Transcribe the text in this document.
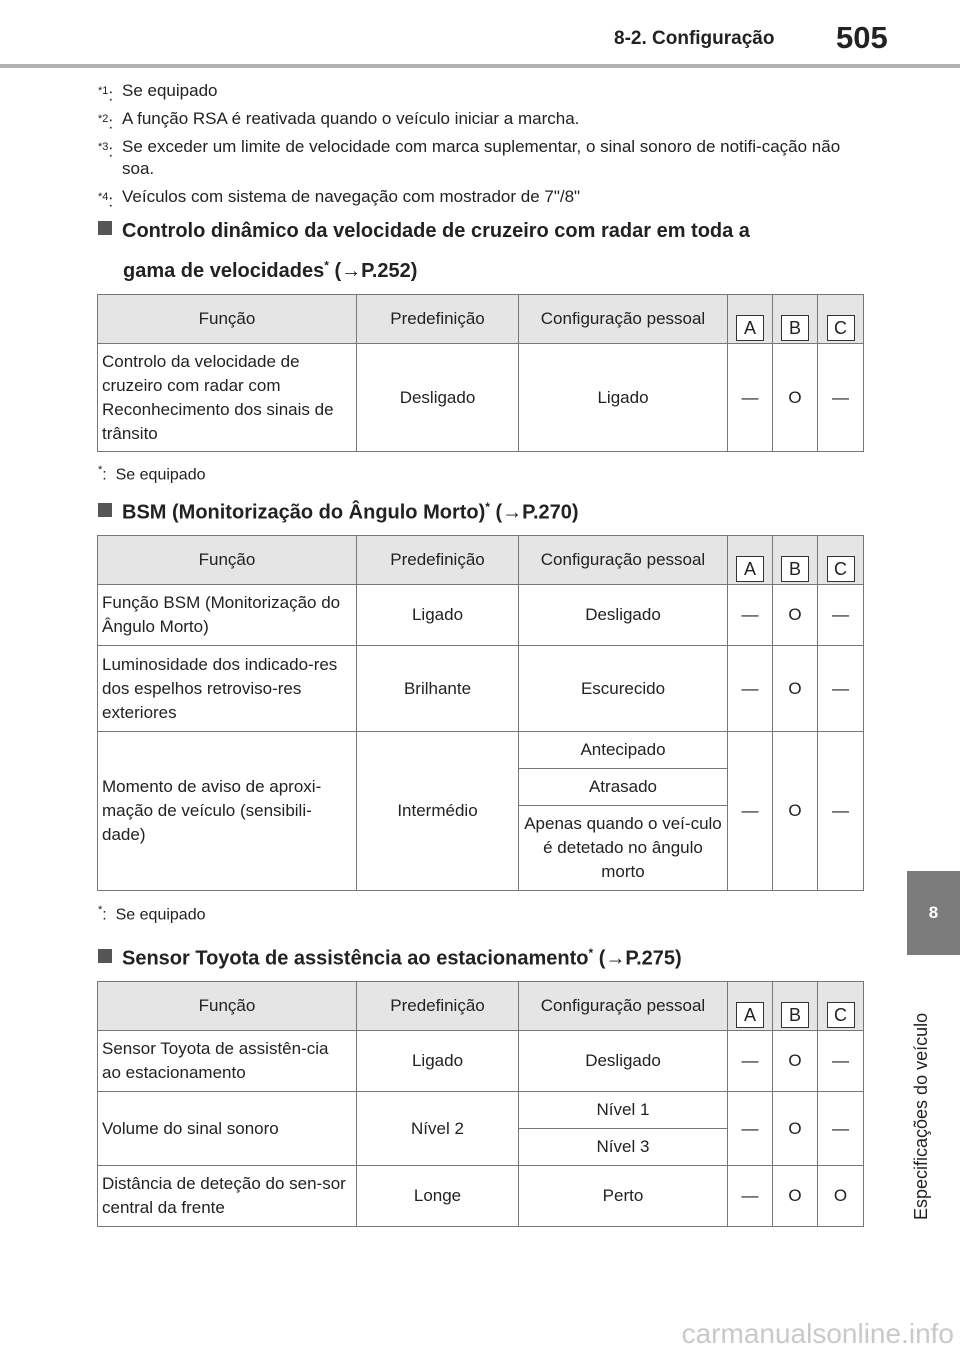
8-2. Configuração 505
8
Especificações do veículo
$^{*1}$: Se equipado
$^{*2}$: A função RSA é reativada quando o veículo iniciar a marcha.
$^{*3}$: Se exceder um limite de velocidade com marca suplementar, o sinal sonoro de notifi-cação não soa.
$^{*4}$: Veículos com sistema de navegação com mostrador de 7"/8"
Controlo dinâmico da velocidade de cruzeiro com radar em toda a
gama de velocidades* (→P.252)
Função	Predefinição	Configuração pessoal	A	B	C

Controlo da velocidade de cruzeiro com radar com Reconhecimento dos sinais de trânsito	Desligado	Ligado	—	O	—
*:  Se equipado
BSM (Monitorização do Ângulo Morto)* (→P.270)
Função	Predefinição	Configuração pessoal	A	B	C

Função BSM (Monitorização do Ângulo Morto)	Ligado	Desligado	—	O	—
Luminosidade dos indicado-res dos espelhos retroviso-res exteriores	Brilhante	Escurecido	—	O	—
Momento de aviso de aproxi-mação de veículo (sensibili-dade)	Intermédio	Antecipado	—	O	—
		Atrasado			
		Apenas quando o veí-culo é detetado no ângulo morto			
*:  Se equipado
Sensor Toyota de assistência ao estacionamento* (→P.275)
Função	Predefinição	Configuração pessoal	A	B	C

Sensor Toyota de assistên-cia ao estacionamento	Ligado	Desligado	—	O	—
Volume do sinal sonoro	Nível 2	Nível 1	—	O	—
		Nível 3			
Distância de deteção do sen-sor central da frente	Longe	Perto	—	O	O
carmanualsonline.info
